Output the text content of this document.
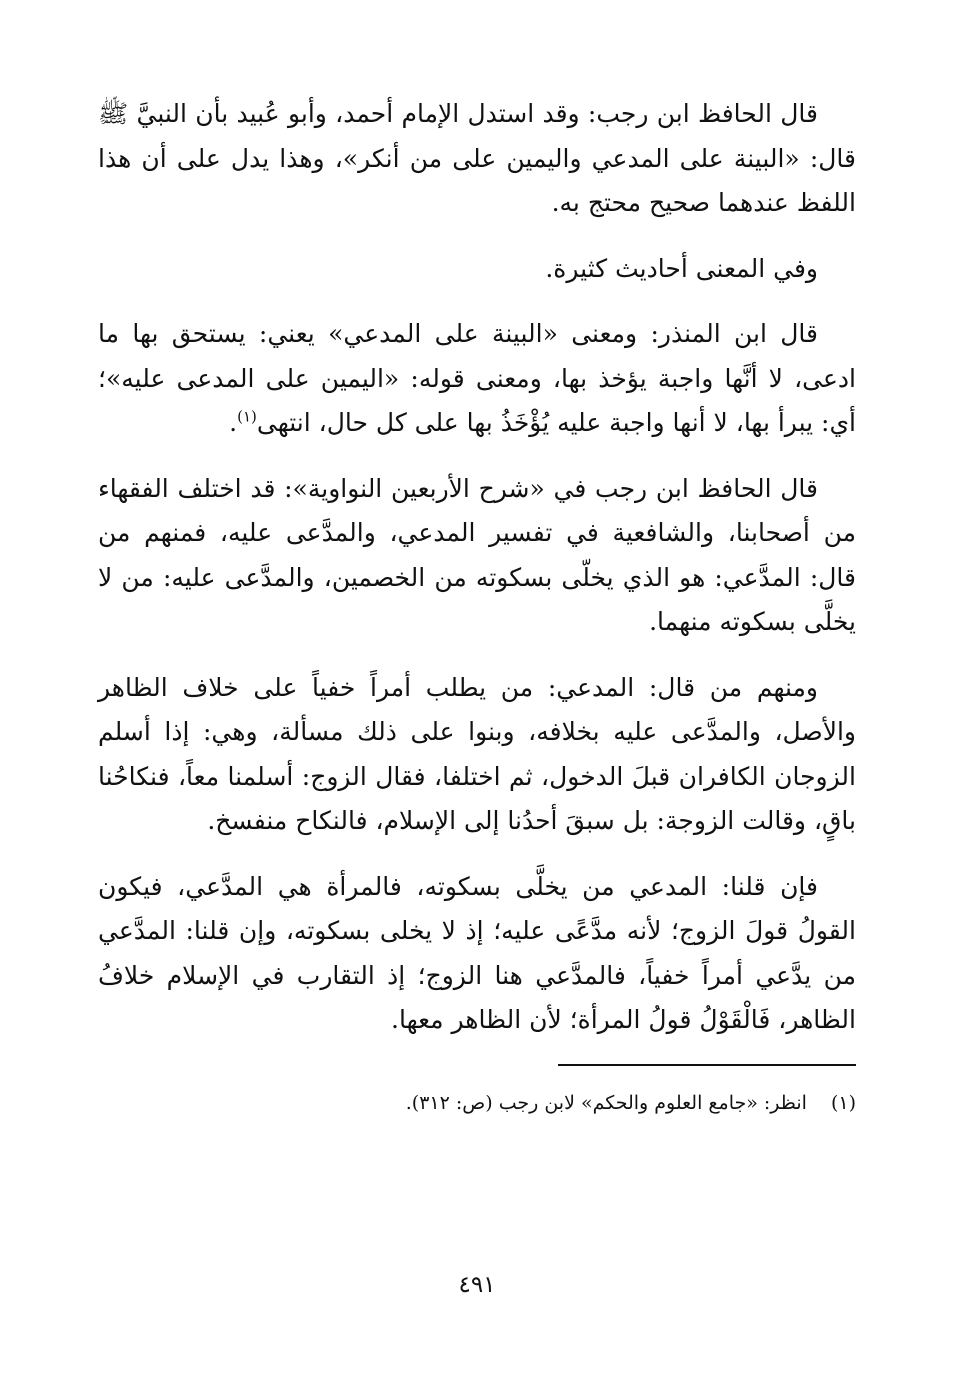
قال الحافظ ابن رجب: وقد استدل الإمام أحمد، وأبو عُبيد بأن النبيَّ ﷺ قال: «البينة على المدعي واليمين على من أنكر»، وهذا يدل على أن هذا اللفظ عندهما صحيح محتج به.

وفي المعنى أحاديث كثيرة.

قال ابن المنذر: ومعنى «البينة على المدعي» يعني: يستحق بها ما ادعى، لا أنَّها واجبة يؤخذ بها، ومعنى قوله: «اليمين على المدعى عليه»؛ أي: يبرأ بها، لا أنها واجبة عليه يُؤْخَذُ بها على كل حال، انتهى$^{(١)}$.

قال الحافظ ابن رجب في «شرح الأربعين النواوية»: قد اختلف الفقهاء من أصحابنا، والشافعية في تفسير المدعي، والمدَّعى عليه، فمنهم من قال: المدَّعي: هو الذي يخلّى بسكوته من الخصمين، والمدَّعى عليه: من لا يخلَّى بسكوته منهما.

ومنهم من قال: المدعي: من يطلب أمراً خفياً على خلاف الظاهر والأصل، والمدَّعى عليه بخلافه، وبنوا على ذلك مسألة، وهي: إذا أسلم الزوجان الكافران قبلَ الدخول، ثم اختلفا، فقال الزوج: أسلمنا معاً، فنكاحُنا باقٍ، وقالت الزوجة: بل سبقَ أحدُنا إلى الإسلام، فالنكاح منفسخ.

فإن قلنا: المدعي من يخلَّى بسكوته، فالمرأة هي المدَّعي، فيكون القولُ قولَ الزوج؛ لأنه مدَّعًى عليه؛ إذ لا يخلى بسكوته، وإن قلنا: المدَّعي من يدَّعي أمراً خفياً، فالمدَّعي هنا الزوج؛ إذ التقارب في الإسلام خلافُ الظاهر، فَالْقَوْلُ قولُ المرأة؛ لأن الظاهر معها.

(١)انظر: «جامع العلوم والحكم» لابن رجب (ص: ٣١٢).
٤٩١
